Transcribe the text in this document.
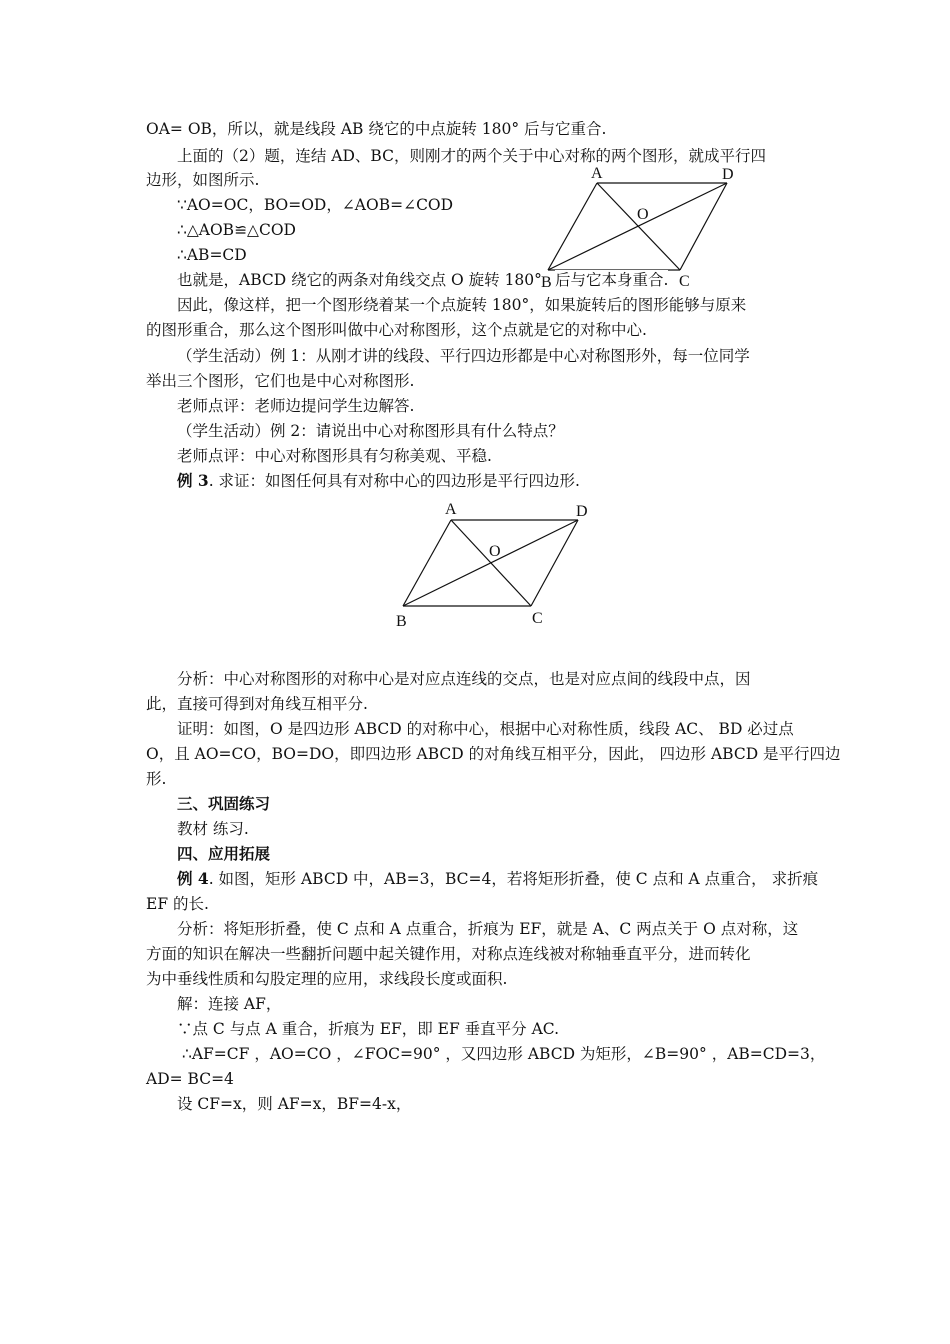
A	D
O
B	C
A	D
O
B	C
OA= OB，所以，就是线段 AB 绕它的中点旋转 180° 后与它重合.
上面的（2）题，连结 AD、BC，则刚才的两个关于中心对称的两个图形，就成平行四
边形，如图所示.
∵AO=OC，BO=OD，∠AOB=∠COD
∴△AOB≌△COD
∴AB=CD
也就是，ABCD 绕它的两条对角线交点 O 旋转 180° 后与它本身重合.
因此，像这样，把一个图形绕着某一个点旋转 180°，如果旋转后的图形能够与原来
的图形重合，那么这个图形叫做中心对称图形，这个点就是它的对称中心.
（学生活动）例 1：从刚才讲的线段、平行四边形都是中心对称图形外，每一位同学
举出三个图形，它们也是中心对称图形.
老师点评：老师边提问学生边解答.
（学生活动）例 2：请说出中心对称图形具有什么特点？
老师点评：中心对称图形具有匀称美观、平稳.
例 3. 求证：如图任何具有对称中心的四边形是平行四边形.
分析：中心对称图形的对称中心是对应点连线的交点，也是对应点间的线段中点，因
此，直接可得到对角线互相平分.
证明：如图，O 是四边形 ABCD 的对称中心，根据中心对称性质，线段 AC、 BD 必过点
O，且 AO=CO，BO=DO，即四边形 ABCD 的对角线互相平分，因此， 四边形 ABCD 是平行四边
形.
三、巩固练习
教材 练习.
四、应用拓展
例 4. 如图，矩形 ABCD 中，AB=3，BC=4，若将矩形折叠，使 C 点和 A 点重合， 求折痕
EF 的长.
分析：将矩形折叠，使 C 点和 A 点重合，折痕为 EF，就是 A、C 两点关于 O 点对称，这
方面的知识在解决一些翻折问题中起关键作用，对称点连线被对称轴垂直平分，进而转化
为中垂线性质和勾股定理的应用，求线段长度或面积.
解：连接 AF，
∵点 C 与点 A 重合，折痕为 EF，即 EF 垂直平分 AC.
∴AF=CF ，AO=CO ，∠FOC=90° ，又四边形 ABCD 为矩形，∠B=90° ，AB=CD=3，
AD= BC=4
设 CF=x，则 AF=x，BF=4-x，
